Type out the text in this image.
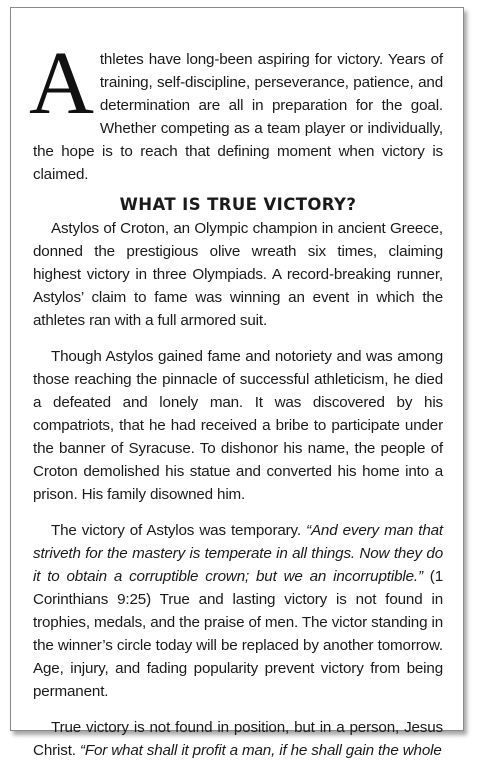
Athletes have long-been aspiring for victory. Years of training, self-discipline, perseverance, patience, and determination are all in preparation for the goal. Whether competing as a team player or individually, the hope is to reach that defining moment when victory is claimed.

WHAT IS TRUE VICTORY?

Astylos of Croton, an Olympic champion in ancient Greece, donned the prestigious olive wreath six times, claiming highest victory in three Olympiads. A record-breaking runner, Astylos’ claim to fame was winning an event in which the athletes ran with a full armored suit.

Though Astylos gained fame and notoriety and was among those reaching the pinnacle of successful athleticism, he died a defeated and lonely man. It was discovered by his compatriots, that he had received a bribe to participate under the banner of Syracuse. To dishonor his name, the people of Croton demolished his statue and converted his home into a prison. His family disowned him.

The victory of Astylos was temporary. “And every man that striveth for the mastery is temperate in all things. Now they do it to obtain a corruptible crown; but we an incorruptible.” (1 Corinthians 9:25) True and lasting victory is not found in trophies, medals, and the praise of men. The victor standing in the winner’s circle today will be replaced by another tomorrow. Age, injury, and fading popularity prevent victory from being permanent.

True victory is not found in position, but in a person, Jesus Christ. “For what shall it profit a man, if he shall gain the whole
